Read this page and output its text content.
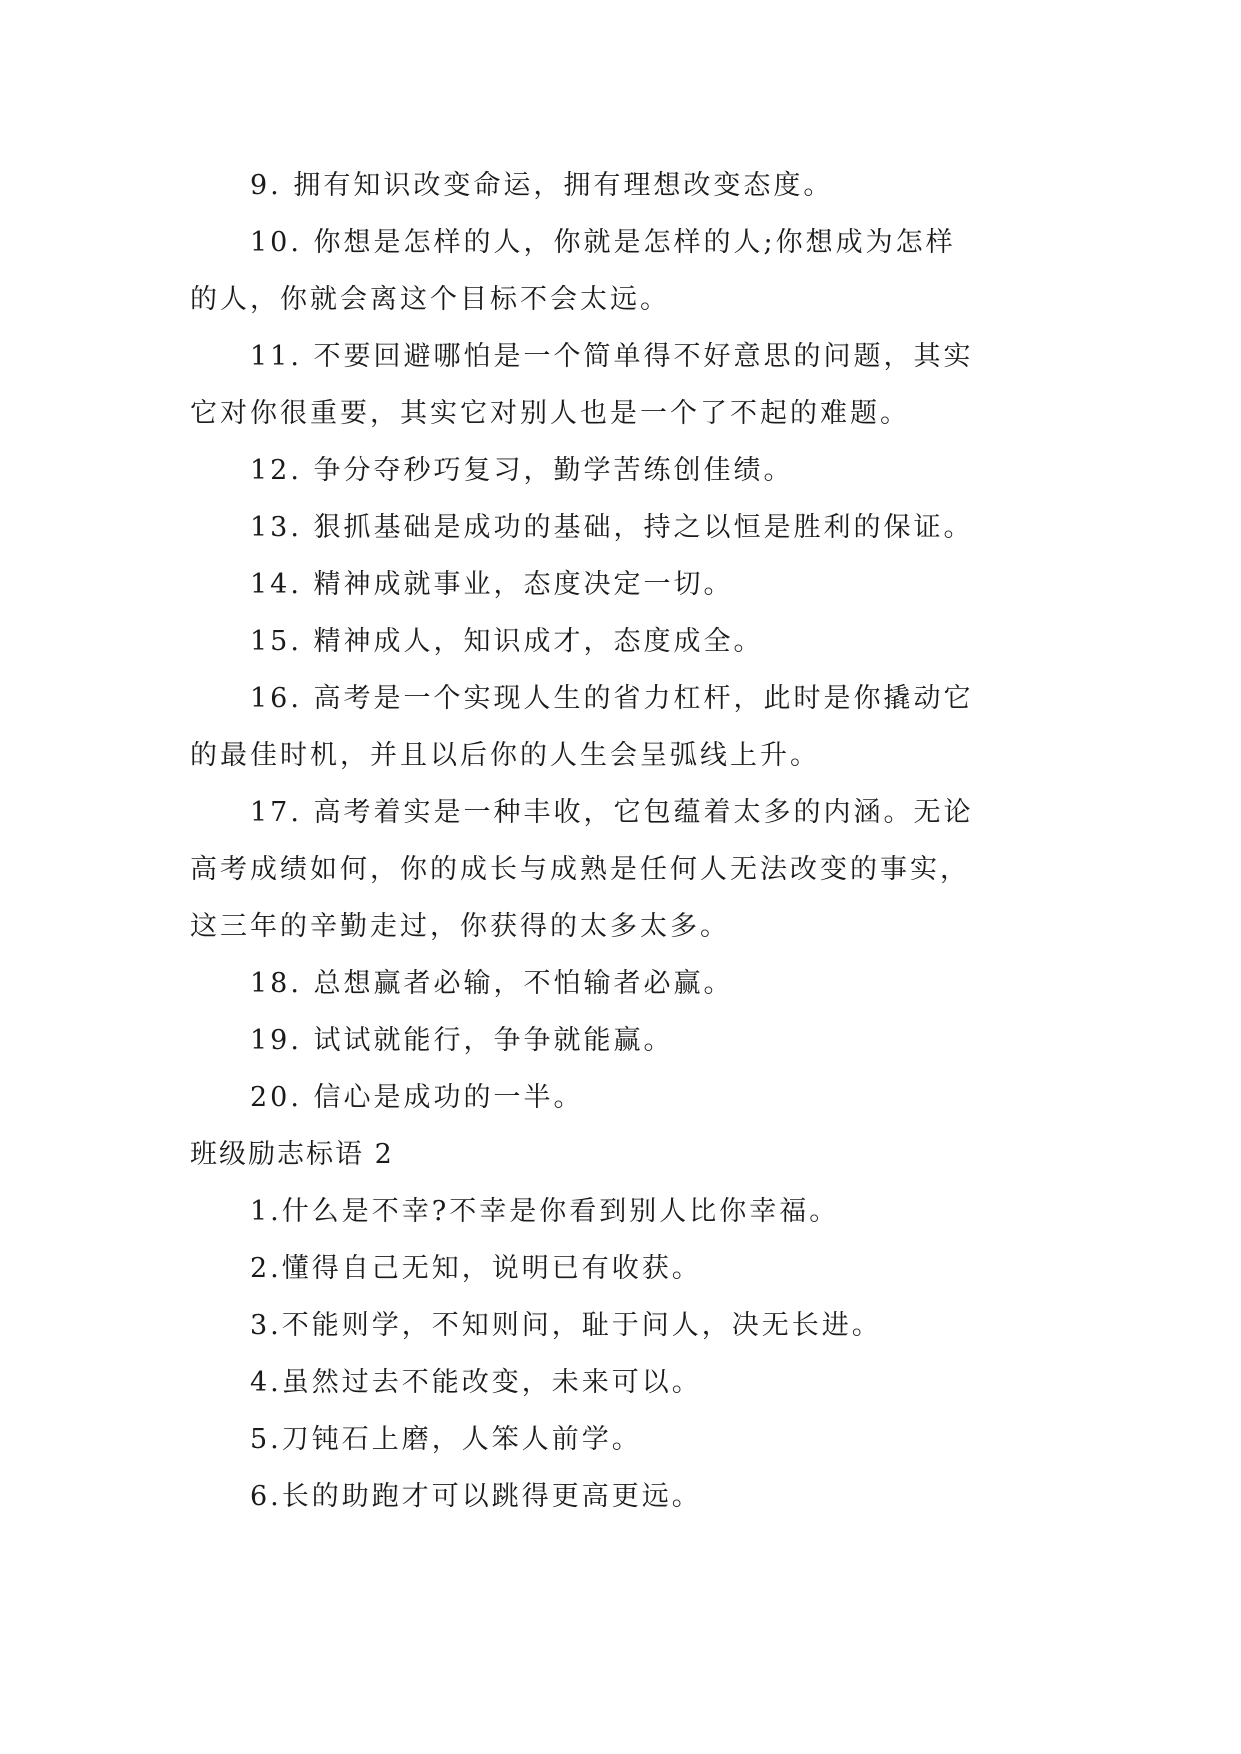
9. 拥有知识改变命运，拥有理想改变态度。
10. 你想是怎样的人，你就是怎样的人;你想成为怎样
的人，你就会离这个目标不会太远。
11. 不要回避哪怕是一个简单得不好意思的问题，其实
它对你很重要，其实它对别人也是一个了不起的难题。
12. 争分夺秒巧复习，勤学苦练创佳绩。
13. 狠抓基础是成功的基础，持之以恒是胜利的保证。
14. 精神成就事业，态度决定一切。
15. 精神成人，知识成才，态度成全。
16. 高考是一个实现人生的省力杠杆，此时是你撬动它
的最佳时机，并且以后你的人生会呈弧线上升。
17. 高考着实是一种丰收，它包蕴着太多的内涵。无论
高考成绩如何，你的成长与成熟是任何人无法改变的事实，
这三年的辛勤走过，你获得的太多太多。
18. 总想赢者必输，不怕输者必赢。
19. 试试就能行，争争就能赢。
20. 信心是成功的一半。
班级励志标语 2
1.什么是不幸?不幸是你看到别人比你幸福。
2.懂得自己无知，说明已有收获。
3.不能则学，不知则问，耻于问人，决无长进。
4.虽然过去不能改变，未来可以。
5.刀钝石上磨，人笨人前学。
6.长的助跑才可以跳得更高更远。
